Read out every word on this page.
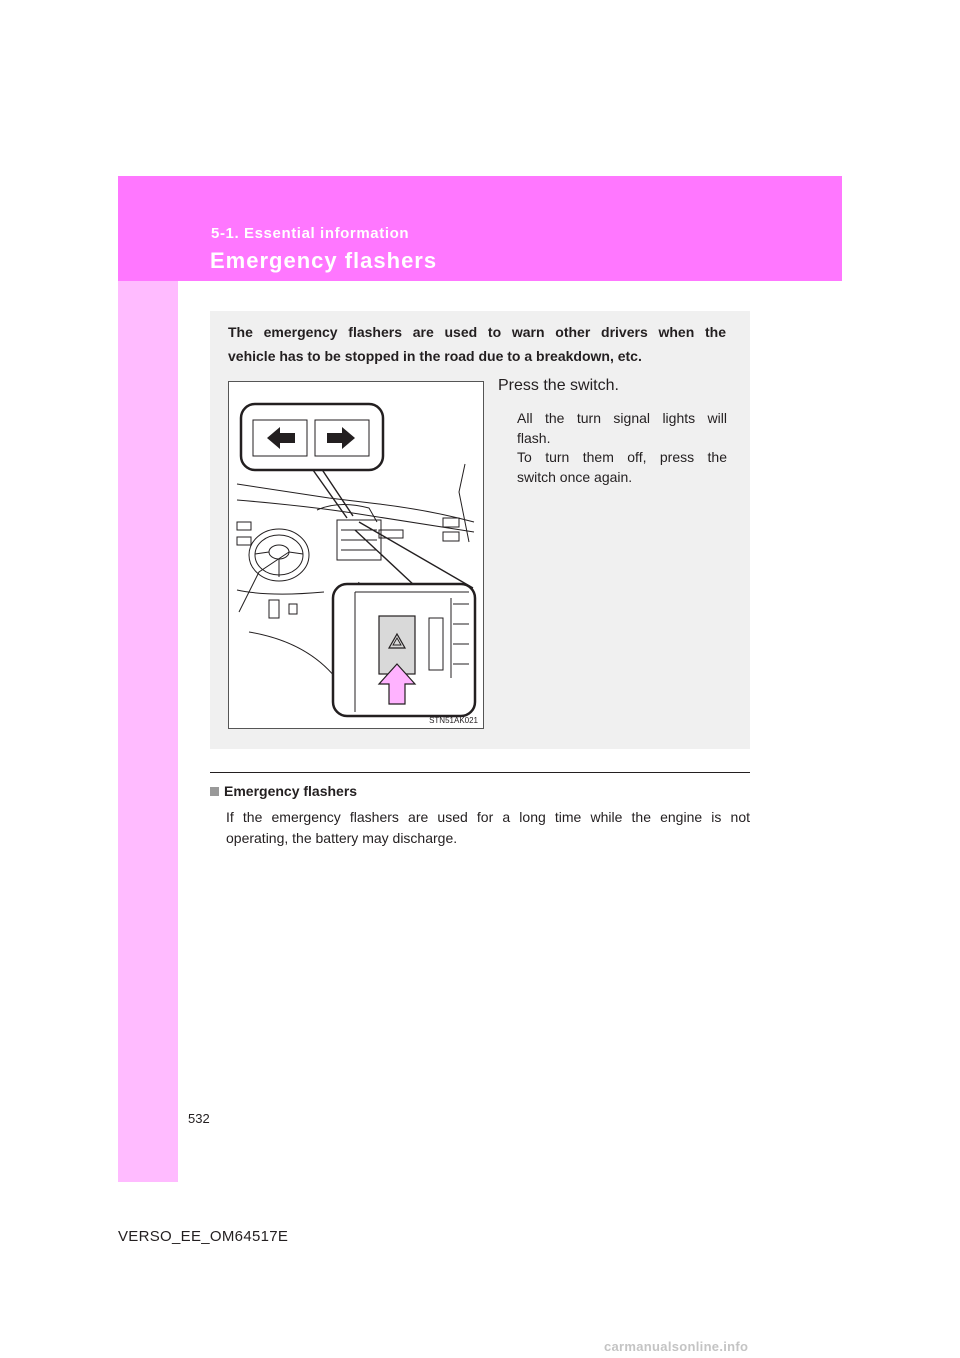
5-1. Essential information
Emergency flashers

The emergency flashers are used to warn other drivers when the
vehicle has to be stopped in the road due to a breakdown, etc.

STN51AK021
Press the switch.

All the turn signal lights will
flash.
To turn them off, press the
switch once again.

Emergency flashers

If the emergency flashers are used for a long time while the engine is not
operating, the battery may discharge.

532
VERSO_EE_OM64517E
carmanualsonline.info
